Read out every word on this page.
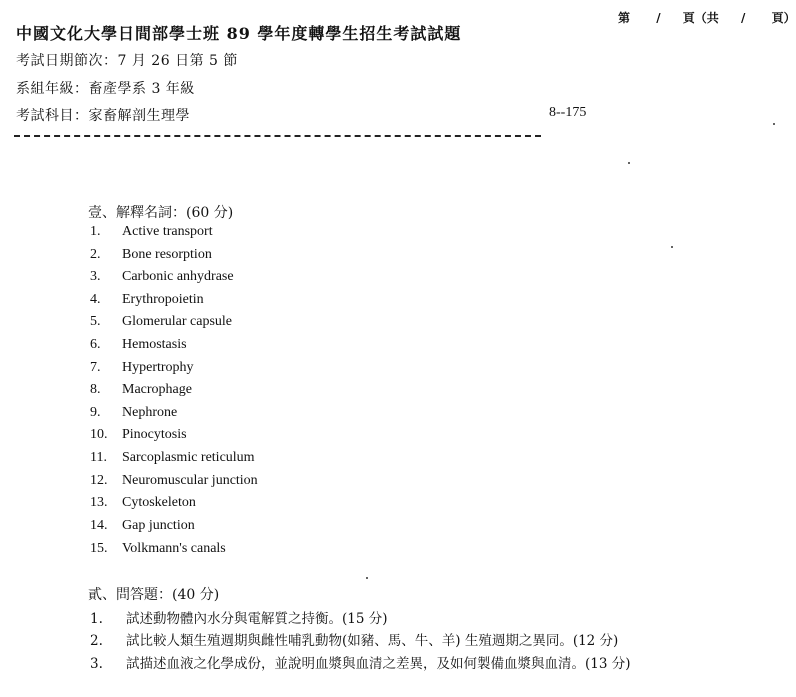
中國文化大學日間部學士班 89 學年度轉學生招生考試試題
第 / 頁（共 / 頁）
考試日期節次：7 月 26 日第 5 節
系組年級：畜產學系 3 年級
考試科目：家畜解剖生理學	8--175
壹、解釋名詞：(60 分)
1. Active transport
2. Bone resorption
3. Carbonic anhydrase
4. Erythropoietin
5. Glomerular capsule
6. Hemostasis
7. Hypertrophy
8. Macrophage
9. Nephrone
10. Pinocytosis
11. Sarcoplasmic reticulum
12. Neuromuscular junction
13. Cytoskeleton
14. Gap junction
15. Volkmann's canals
貳、問答題：(40 分)
1. 試述動物體內水分與電解質之持衡。(15 分)
2. 試比較人類生殖週期與雌性哺乳動物(如豬、馬、牛、羊) 生殖週期之異同。(12 分)
3. 試描述血液之化學成份，並說明血漿與血清之差異，及如何製備血漿與血清。(13 分)
